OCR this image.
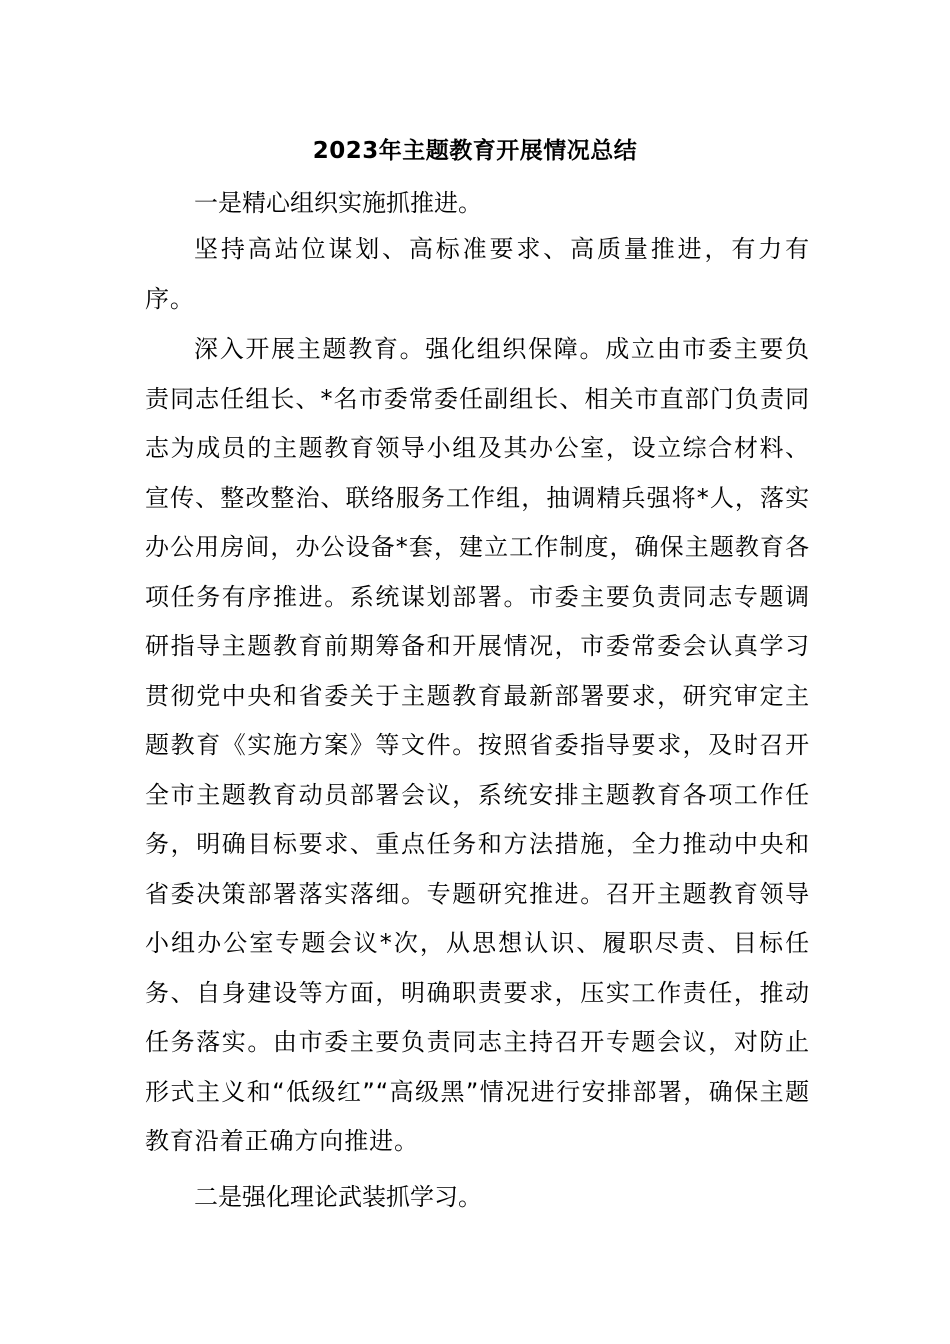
2023年主题教育开展情况总结
一是精心组织实施抓推进。
坚持高站位谋划、高标准要求、高质量推进，有力有序。
深入开展主题教育。强化组织保障。成立由市委主要负责同志任组长、*名市委常委任副组长、相关市直部门负责同志为成员的主题教育领导小组及其办公室，设立综合材料、宣传、整改整治、联络服务工作组，抽调精兵强将*人，落实办公用房间，办公设备*套，建立工作制度，确保主题教育各项任务有序推进。系统谋划部署。市委主要负责同志专题调研指导主题教育前期筹备和开展情况，市委常委会认真学习贯彻党中央和省委关于主题教育最新部署要求，研究审定主题教育《实施方案》等文件。按照省委指导要求，及时召开全市主题教育动员部署会议，系统安排主题教育各项工作任务，明确目标要求、重点任务和方法措施，全力推动中央和省委决策部署落实落细。专题研究推进。召开主题教育领导小组办公室专题会议*次，从思想认识、履职尽责、目标任务、自身建设等方面，明确职责要求，压实工作责任，推动任务落实。由市委主要负责同志主持召开专题会议，对防止形式主义和“低级红”“高级黑”情况进行安排部署，确保主题教育沿着正确方向推进。
二是强化理论武装抓学习。
